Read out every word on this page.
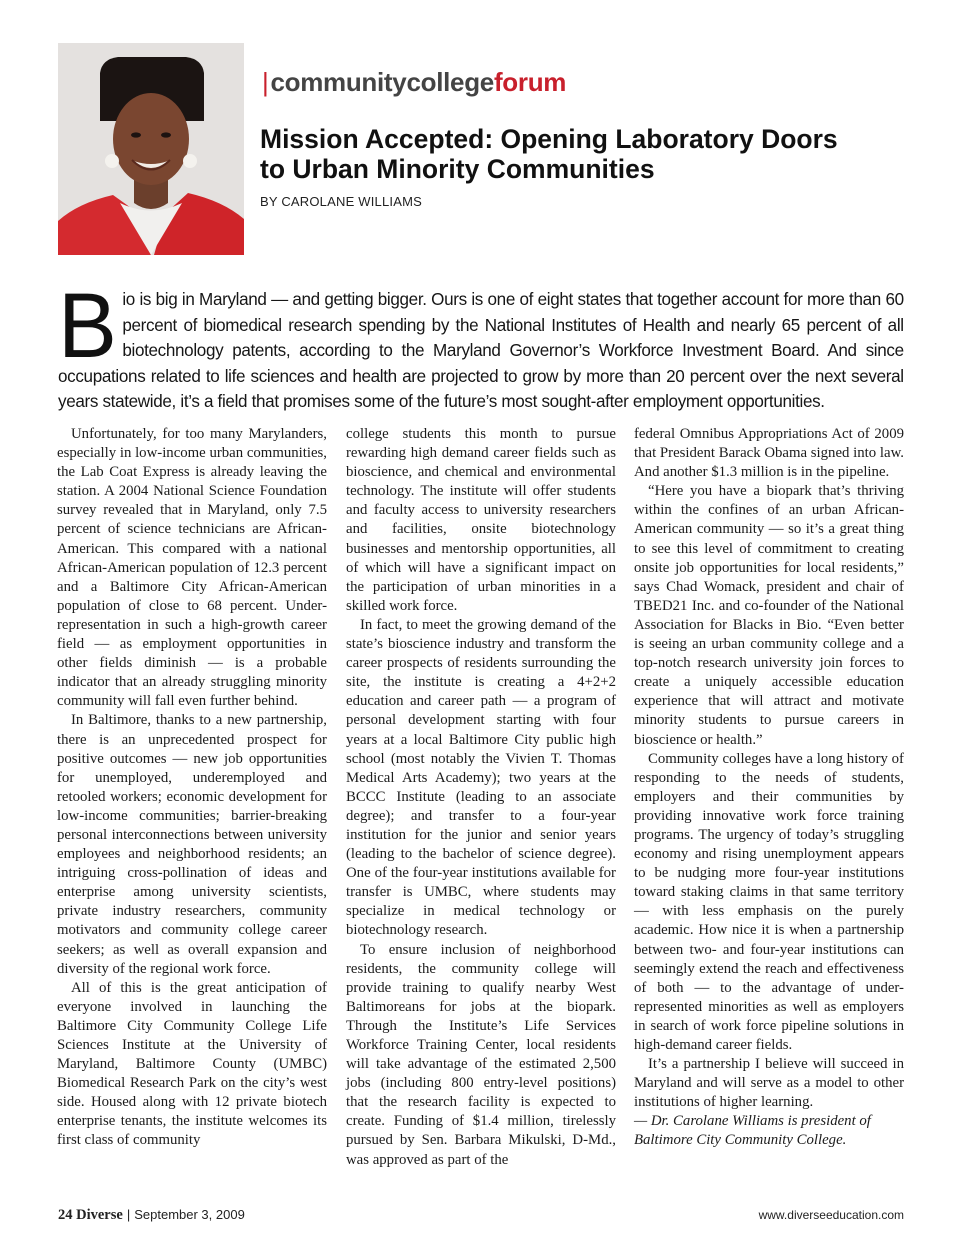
|communitycollegeforum
Mission Accepted: Opening Laboratory Doors to Urban Minority Communities
BY CAROLANE WILLIAMS

Bio is big in Maryland — and getting bigger. Ours is one of eight states that together account for more than 60 percent of biomedical research spending by the National Institutes of Health and nearly 65 percent of all biotechnology patents, according to the Maryland Governor’s Workforce Investment Board. And since occupations related to life sciences and health are projected to grow by more than 20 percent over the next several years statewide, it’s a field that promises some of the future’s most sought-after employment opportunities.

Unfortunately, for too many Marylanders, especially in low-income urban communities, the Lab Coat Express is already leaving the station. A 2004 National Science Foundation survey revealed that in Maryland, only 7.5 percent of science technicians are African-American. This compared with a national African-American population of 12.3 percent and a Baltimore City African-American population of close to 68 percent. Under-representation in such a high-growth career field — as employment opportunities in other fields diminish — is a probable indicator that an already struggling minority community will fall even further behind.

In Baltimore, thanks to a new partnership, there is an unprecedented prospect for positive outcomes — new job opportunities for unemployed, underemployed and retooled workers; economic development for low-income communities; barrier-breaking personal interconnections between university employees and neighborhood residents; an intriguing cross-pollination of ideas and enterprise among university scientists, private industry researchers, community motivators and community college career seekers; as well as overall expansion and diversity of the regional work force.

All of this is the great anticipation of everyone involved in launching the Baltimore City Community College Life Sciences Institute at the University of Maryland, Baltimore County (UMBC) Biomedical Research Park on the city’s west side. Housed along with 12 private biotech enterprise tenants, the institute welcomes its first class of community

college students this month to pursue rewarding high demand career fields such as bioscience, and chemical and environmental technology. The institute will offer students and faculty access to university researchers and facilities, onsite biotechnology businesses and mentorship opportunities, all of which will have a significant impact on the participation of urban minorities in a skilled work force.

In fact, to meet the growing demand of the state’s bioscience industry and transform the career prospects of residents surrounding the site, the institute is creating a 4+2+2 education and career path — a program of personal development starting with four years at a local Baltimore City public high school (most notably the Vivien T. Thomas Medical Arts Academy); two years at the BCCC Institute (leading to an associate degree); and transfer to a four-year institution for the junior and senior years (leading to the bachelor of science degree). One of the four-year institutions available for transfer is UMBC, where students may specialize in medical technology or biotechnology research.

To ensure inclusion of neighborhood residents, the community college will provide training to qualify nearby West Baltimoreans for jobs at the biopark. Through the Institute’s Life Services Workforce Training Center, local residents will take advantage of the estimated 2,500 jobs (including 800 entry-level positions) that the research facility is expected to create. Funding of $1.4 million, tirelessly pursued by Sen. Barbara Mikulski, D-Md., was approved as part of the

federal Omnibus Appropriations Act of 2009 that President Barack Obama signed into law. And another $1.3 million is in the pipeline.

“Here you have a biopark that’s thriving within the confines of an urban African-American community — so it’s a great thing to see this level of commitment to creating onsite job opportunities for local residents,” says Chad Womack, president and chair of TBED21 Inc. and co-founder of the National Association for Blacks in Bio. “Even better is seeing an urban community college and a top-notch research university join forces to create a uniquely accessible education experience that will attract and motivate minority students to pursue careers in bioscience or health.”

Community colleges have a long history of responding to the needs of students, employers and their communities by providing innovative work force training programs. The urgency of today’s struggling economy and rising unemployment appears to be nudging more four-year institutions toward staking claims in that same territory — with less emphasis on the purely academic. How nice it is when a partnership between two- and four-year institutions can seemingly extend the reach and effectiveness of both — to the advantage of under-represented minorities as well as employers in search of work force pipeline solutions in high-demand career fields.

It’s a partnership I believe will succeed in Maryland and will serve as a model to other institutions of higher learning.

— Dr. Carolane Williams is president of Baltimore City Community College.

24 Diverse | September 3, 2009	www.diverseeducation.com
